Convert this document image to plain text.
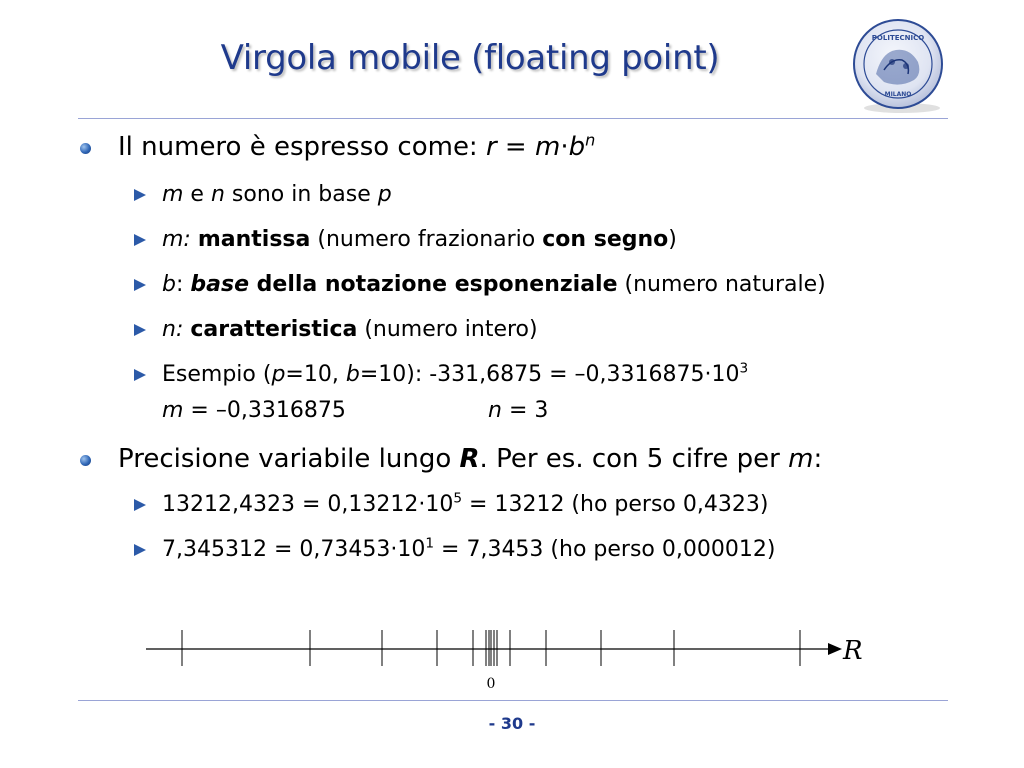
Virgola mobile (floating point)	POLITECNICO
MILANO
Il numero è espresso come: $r = m\cdot b^n$
m e n sono in base p
m: mantissa (numero frazionario con segno)
b: base della notazione esponenziale (numero naturale)
n: caratteristica (numero intero)
Esempio (p=10, b=10): $-331,6875 = -0,3316875\cdot 10^3$
m = –0,3316875	n = 3
Precisione variabile lungo R. Per es. con 5 cifre per m:
$13212,4323 = 0,13212\cdot 10^5 = 13212$ (ho perso 0,4323)
$7,345312 = 0,73453\cdot 10^1 = 7,3453$ (ho perso 0,000012)
R
0
- 30 -
